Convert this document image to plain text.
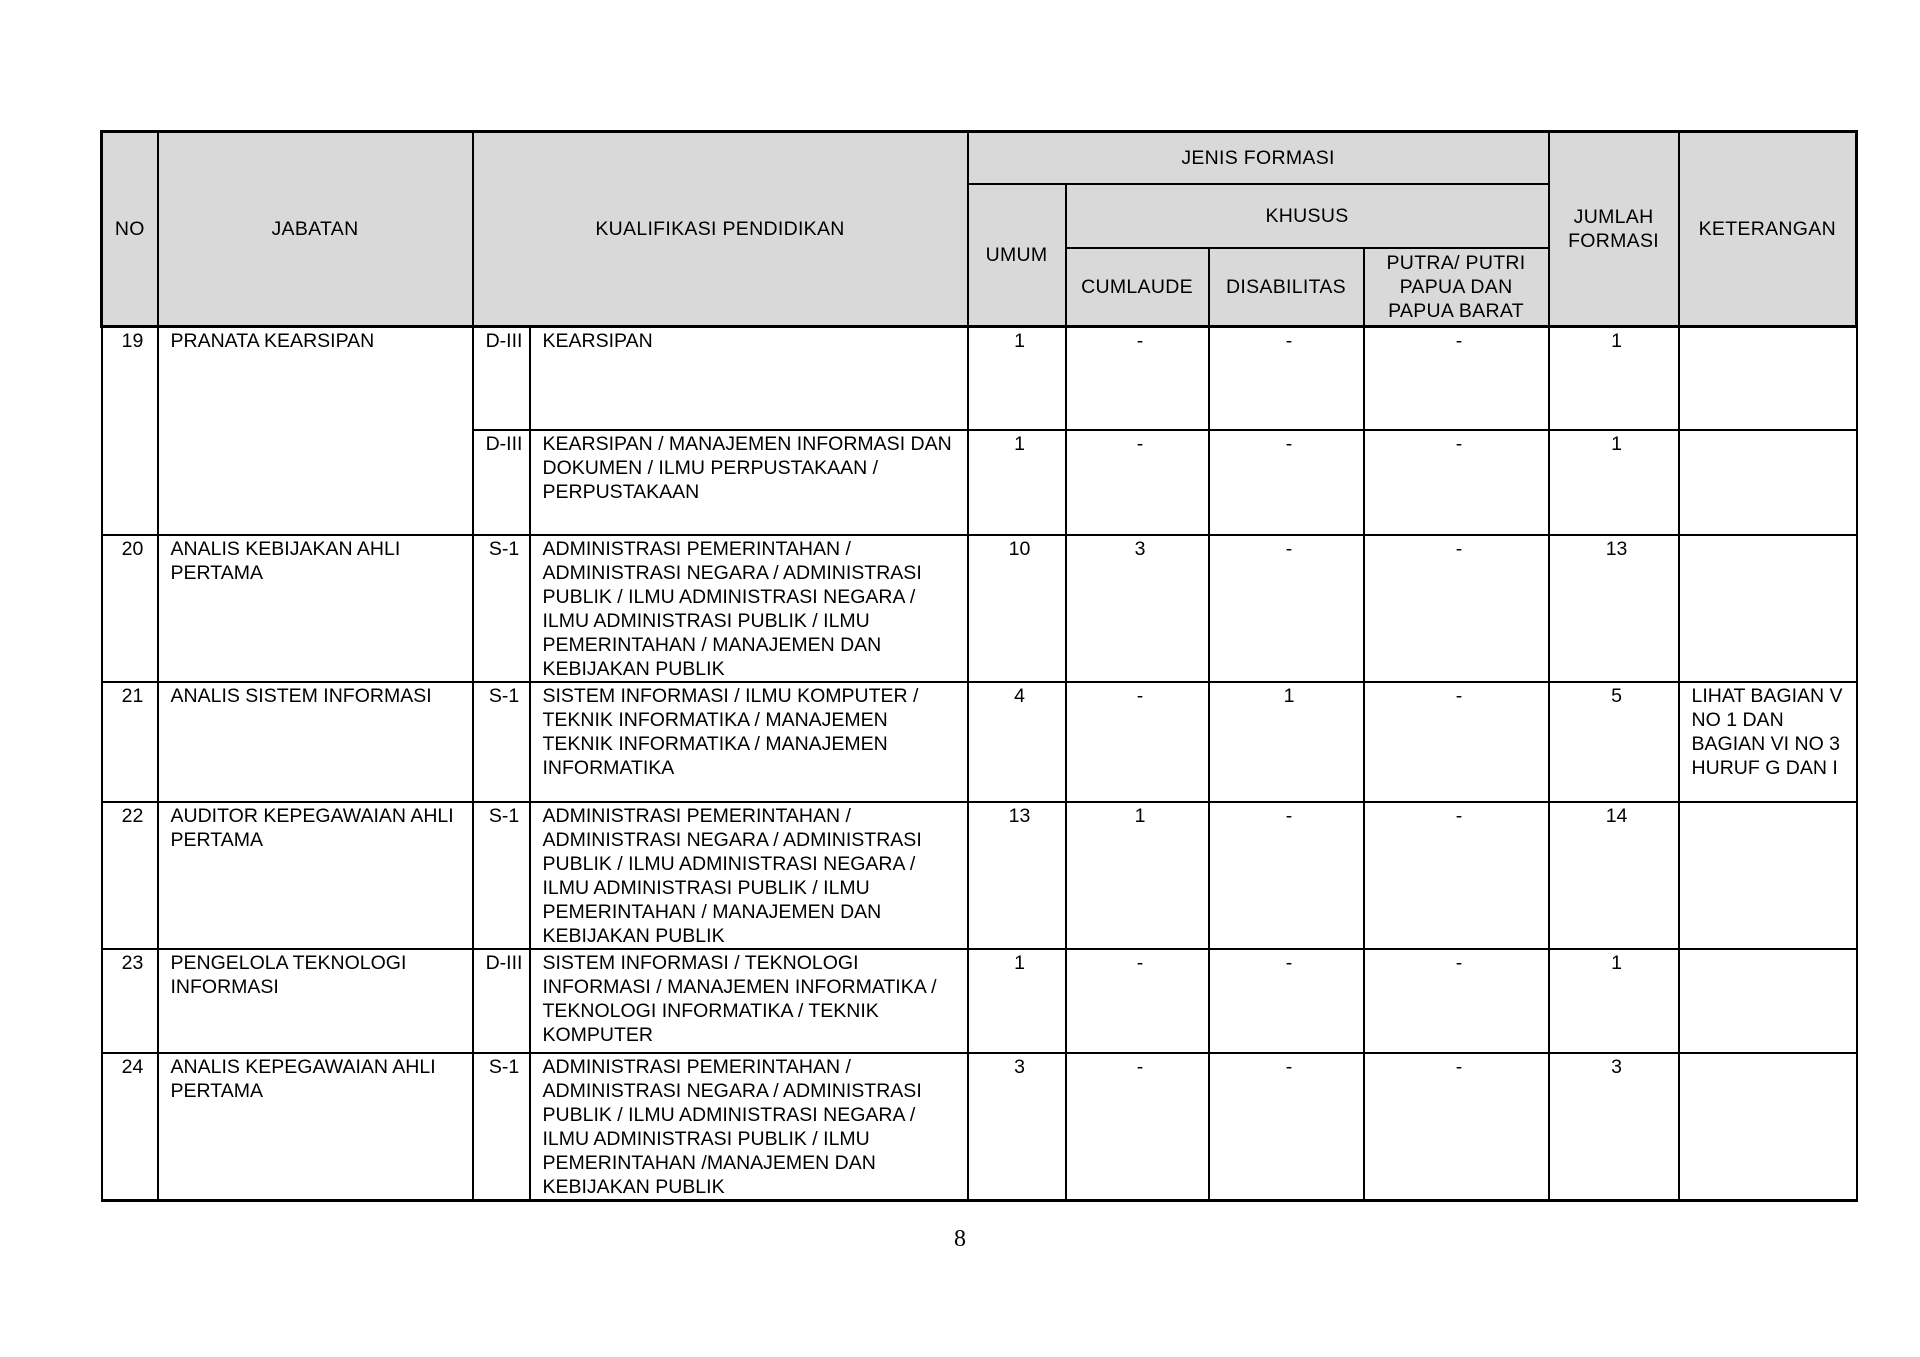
NO	JABATAN	KUALIFIKASI PENDIDIKAN		JENIS FORMASI				JUMLAH FORMASI	KETERANGAN
				UMUM	KHUSUS				
					CUMLAUDE	DISABILITAS	PUTRA/ PUTRI PAPUA DAN PAPUA BARAT		
19	PRANATA KEARSIPAN	D-III	KEARSIPAN	1	-	-	-	1	
		D-III	KEARSIPAN / MANAJEMEN INFORMASI DAN DOKUMEN / ILMU PERPUSTAKAAN / PERPUSTAKAAN	1	-	-	-	1	
20	ANALIS KEBIJAKAN AHLI PERTAMA	S-1	ADMINISTRASI PEMERINTAHAN / ADMINISTRASI NEGARA / ADMINISTRASI PUBLIK / ILMU ADMINISTRASI NEGARA / ILMU ADMINISTRASI PUBLIK / ILMU PEMERINTAHAN / MANAJEMEN DAN KEBIJAKAN PUBLIK	10	3	-	-	13	
21	ANALIS SISTEM INFORMASI	S-1	SISTEM INFORMASI / ILMU KOMPUTER / TEKNIK INFORMATIKA / MANAJEMEN TEKNIK INFORMATIKA / MANAJEMEN INFORMATIKA	4	-	1	-	5	LIHAT BAGIAN V NO 1 DAN BAGIAN VI NO 3 HURUF G DAN I
22	AUDITOR KEPEGAWAIAN AHLI PERTAMA	S-1	ADMINISTRASI PEMERINTAHAN / ADMINISTRASI NEGARA / ADMINISTRASI PUBLIK / ILMU ADMINISTRASI NEGARA / ILMU ADMINISTRASI PUBLIK / ILMU PEMERINTAHAN / MANAJEMEN DAN KEBIJAKAN PUBLIK	13	1	-	-	14	
23	PENGELOLA TEKNOLOGI INFORMASI	D-III	SISTEM INFORMASI / TEKNOLOGI INFORMASI / MANAJEMEN INFORMATIKA / TEKNOLOGI INFORMATIKA / TEKNIK KOMPUTER	1	-	-	-	1	
24	ANALIS KEPEGAWAIAN AHLI PERTAMA	S-1	ADMINISTRASI PEMERINTAHAN / ADMINISTRASI NEGARA / ADMINISTRASI PUBLIK / ILMU ADMINISTRASI NEGARA / ILMU ADMINISTRASI PUBLIK / ILMU PEMERINTAHAN /MANAJEMEN DAN KEBIJAKAN PUBLIK	3	-	-	-	3	
8
